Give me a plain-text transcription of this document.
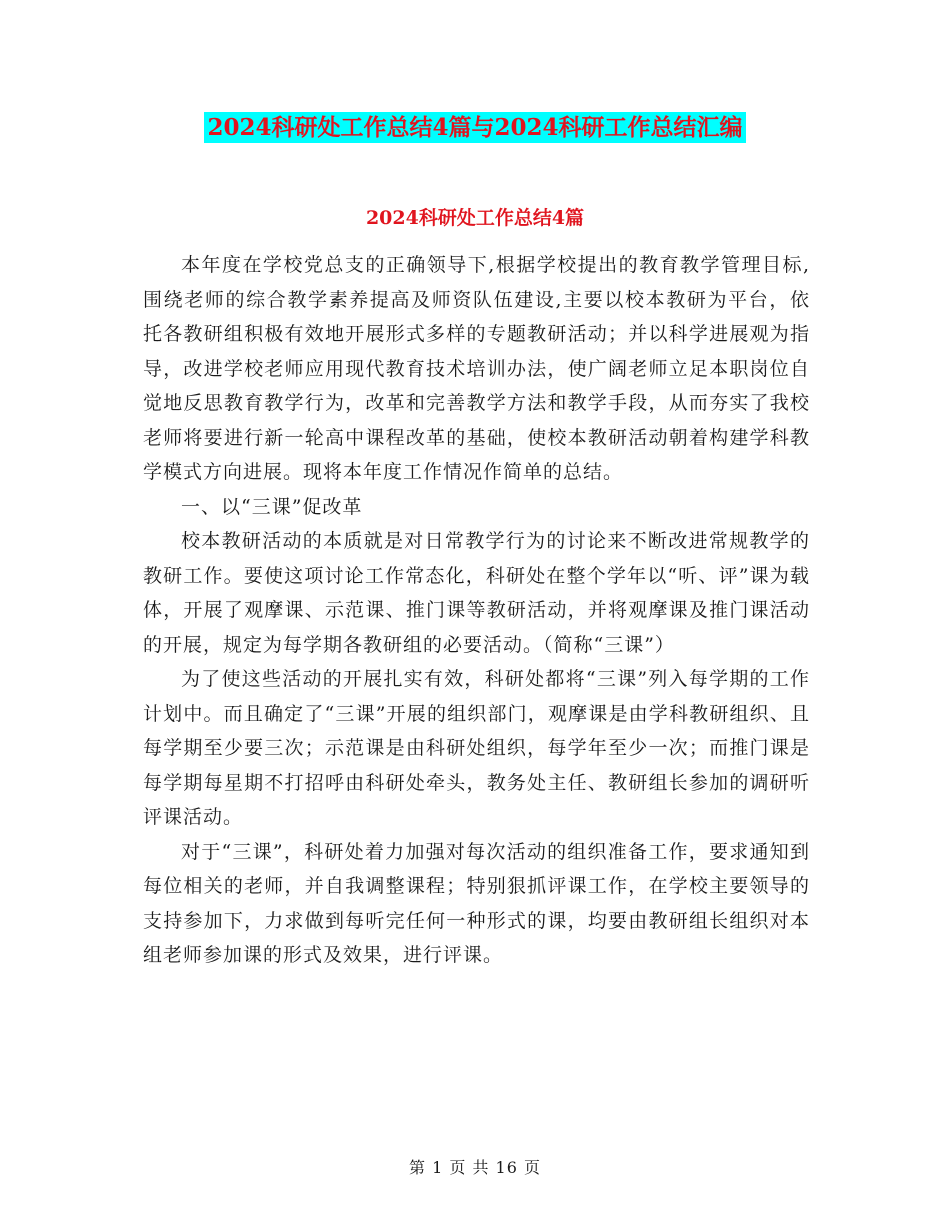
2024科研处工作总结4篇与2024科研工作总结汇编
2024科研处工作总结4篇

本年度在学校党总支的正确领导下,根据学校提出的教育教学管理目标,围绕老师的综合教学素养提高及师资队伍建设,主要以校本教研为平台，依托各教研组积极有效地开展形式多样的专题教研活动；并以科学进展观为指导，改进学校老师应用现代教育技术培训办法，使广阔老师立足本职岗位自觉地反思教育教学行为，改革和完善教学方法和教学手段，从而夯实了我校老师将要进行新一轮高中课程改革的基础，使校本教研活动朝着构建学科教学模式方向进展。现将本年度工作情况作简单的总结。

一、以“三课”促改革

校本教研活动的本质就是对日常教学行为的讨论来不断改进常规教学的教研工作。要使这项讨论工作常态化，科研处在整个学年以“听、评”课为载体，开展了观摩课、示范课、推门课等教研活动，并将观摩课及推门课活动的开展，规定为每学期各教研组的必要活动。（简称“三课”）

为了使这些活动的开展扎实有效，科研处都将“三课”列入每学期的工作计划中。而且确定了“三课”开展的组织部门，观摩课是由学科教研组织、且每学期至少要三次；示范课是由科研处组织，每学年至少一次；而推门课是每学期每星期不打招呼由科研处牵头，教务处主任、教研组长参加的调研听评课活动。

对于“三课”，科研处着力加强对每次活动的组织准备工作，要求通知到每位相关的老师，并自我调整课程；特别狠抓评课工作，在学校主要领导的支持参加下，力求做到每听完任何一种形式的课，均要由教研组长组织对本组老师参加课的形式及效果，进行评课。

第 1 页 共 16 页
